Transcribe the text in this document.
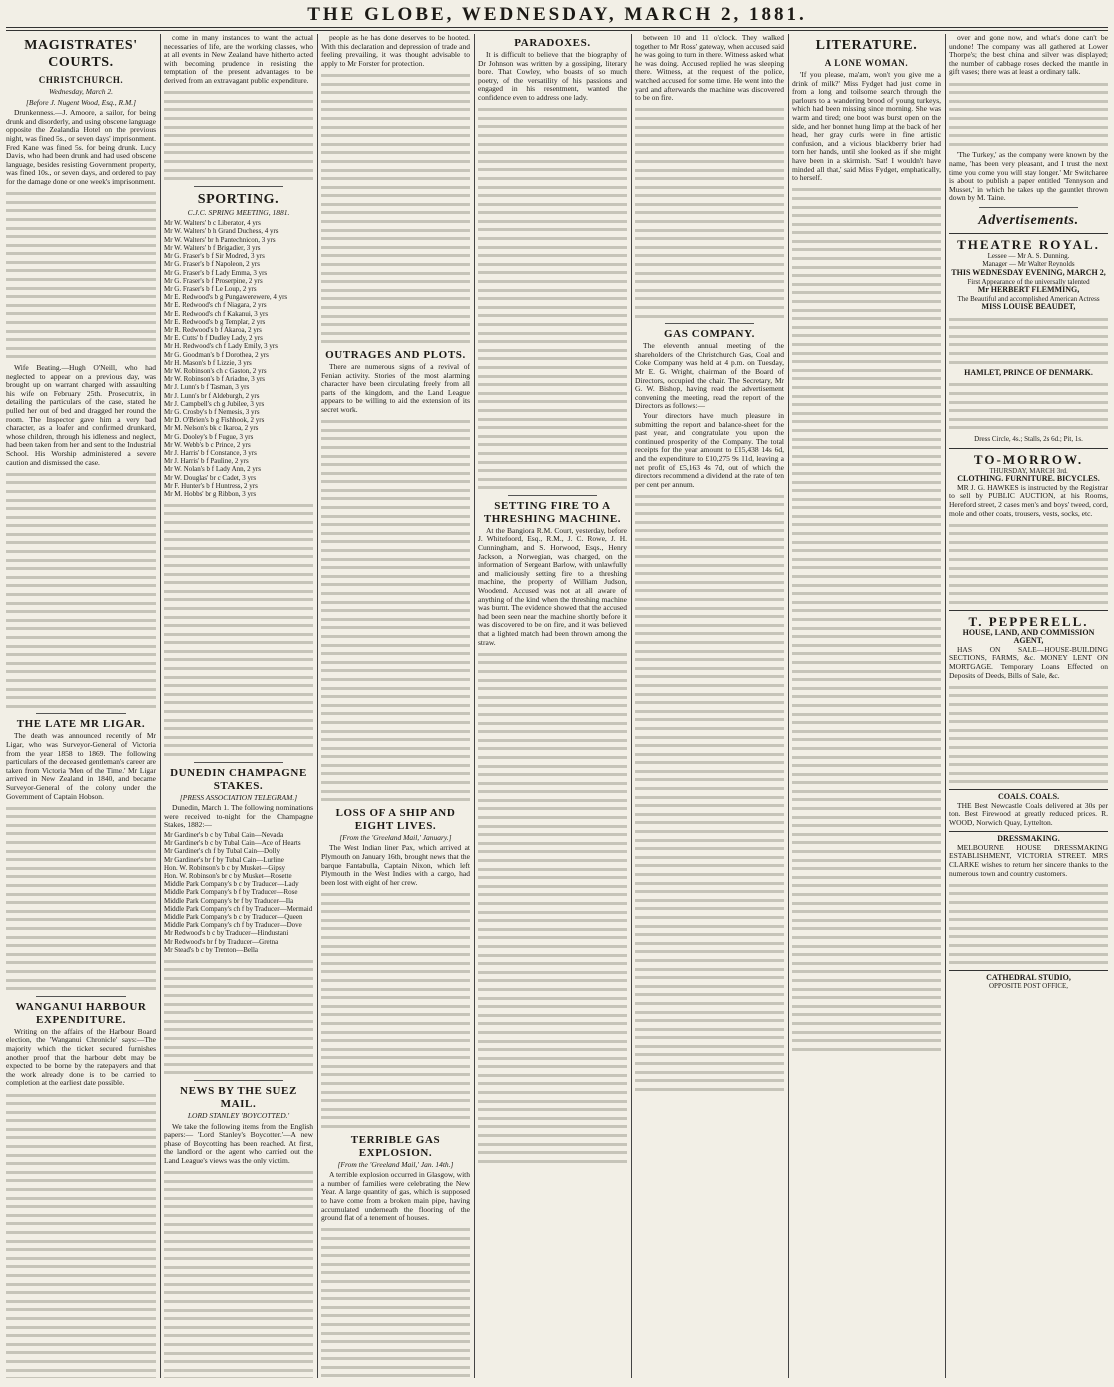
THE GLOBE, WEDNESDAY, MARCH 2, 1881.
MAGISTRATES' COURTS.
CHRISTCHURCH.
Wednesday, March 2.
[Before J. Nugent Wood, Esq., R.M.]

Drunkenness.—J. Amoore, a sailor, for being drunk and disorderly, and using obscene language opposite the Zealandia Hotel on the previous night, was fined 5s., or seven days' imprisonment. Fred Kane was fined 5s. for being drunk. Lucy Davis, who had been drunk and had used obscene language, besides resisting Government property, was fined 10s., or seven days, and ordered to pay for the damage done or one week's imprisonment.

Wife Beating.—Hugh O'Neill, who had neglected to appear on a previous day, was brought up on warrant charged with assaulting his wife on February 25th. Prosecutrix, in detailing the particulars of the case, stated he pulled her out of bed and dragged her round the room. The Inspector gave him a very bad character, as a loafer and confirmed drunkard, whose children, through his idleness and neglect, had been taken from her and sent to the Industrial School. His Worship administered a severe caution and dismissed the case.

THE LATE MR LIGAR.

The death was announced recently of Mr Ligar, who was Surveyor-General of Victoria from the year 1858 to 1869. The following particulars of the deceased gentleman's career are taken from Victoria 'Men of the Time.' Mr Ligar arrived in New Zealand in 1840, and became Surveyor-General of the colony under the Government of Captain Hobson.

WANGANUI HARBOUR EXPENDITURE.

Writing on the affairs of the Harbour Board election, the 'Wanganui Chronicle' says:—The majority which the ticket secured furnishes another proof that the harbour debt may be expected to be borne by the ratepayers and that the work already done is to be carried to completion at the earliest date possible.

come in many instances to want the actual necessaries of life, are the working classes, who at all events in New Zealand have hitherto acted with becoming prudence in resisting the temptation of the present advantages to be derived from an extravagant public expenditure.

SPORTING.
C.J.C. SPRING MEETING, 1881.
Mr W. Walters' b c Liberator, 4 yrs
Mr W. Walters' b h Grand Duchess, 4 yrs
Mr W. Walters' br h Pantechnicon, 3 yrs
Mr W. Walters' b f Brigadier, 3 yrs
Mr G. Fraser's b f Sir Modred, 3 yrs
Mr G. Fraser's b f Napoleon, 2 yrs
Mr G. Fraser's b f Lady Emma, 3 yrs
Mr G. Fraser's b f Proserpine, 2 yrs
Mr G. Fraser's b f Le Loup, 2 yrs
Mr E. Redwood's b g Pungawerewere, 4 yrs
Mr E. Redwood's ch f Niagara, 2 yrs
Mr E. Redwood's ch f Kakanui, 3 yrs
Mr E. Redwood's b g Templar, 2 yrs
Mr R. Redwood's b f Akaroa, 2 yrs
Mr E. Cutts' b f Dudley Lady, 2 yrs
Mr H. Redwood's ch f Lady Emily, 3 yrs
Mr G. Goodman's b f Dorothea, 2 yrs
Mr H. Mason's b f Lizzie, 3 yrs
Mr W. Robinson's ch c Gaston, 2 yrs
Mr W. Robinson's b f Ariadne, 3 yrs
Mr J. Lunn's b f Tasman, 3 yrs
Mr J. Lunn's br f Aldeburgh, 2 yrs
Mr J. Campbell's ch g Jubilee, 3 yrs
Mr G. Crosby's b f Nemesis, 3 yrs
Mr D. O'Brien's b g Fishhook, 2 yrs
Mr M. Nelson's bk c Ikaroa, 2 yrs
Mr G. Dooley's b f Fugue, 3 yrs
Mr W. Webb's b c Prince, 2 yrs
Mr J. Harris' b f Constance, 3 yrs
Mr J. Harris' b f Pauline, 2 yrs
Mr W. Nolan's b f Lady Ann, 2 yrs
Mr W. Douglas' br c Cadet, 3 yrs
Mr F. Hunter's b f Huntress, 2 yrs
Mr M. Hobbs' br g Ribbon, 3 yrs
DUNEDIN CHAMPAGNE STAKES.
[PRESS ASSOCIATION TELEGRAM.]

Dunedin, March 1. The following nominations were received to-night for the Champagne Stakes, 1882:—

Mr Gardiner's b c by Tubal Cain—Nevada
Mr Gardiner's b c by Tubal Cain—Ace of Hearts
Mr Gardiner's ch f by Tubal Cain—Dolly
Mr Gardiner's br f by Tubal Cain—Lurline
Hon. W. Robinson's b c by Musket—Gipsy
Hon. W. Robinson's br c by Musket—Rosette
Middle Park Company's b c by Traducer—Lady
Middle Park Company's b f by Traducer—Rose
Middle Park Company's br f by Traducer—Ila
Middle Park Company's ch f by Traducer—Mermaid
Middle Park Company's b c by Traducer—Queen
Middle Park Company's ch f by Traducer—Dove
Mr Redwood's b c by Traducer—Hindustani
Mr Redwood's br f by Traducer—Gretna
Mr Stead's b c by Trenton—Bella
NEWS BY THE SUEZ MAIL.
LORD STANLEY 'BOYCOTTED.'

We take the following items from the English papers:— 'Lord Stanley's Boycotter.'—A new phase of Boycotting has been reached. At first, the landlord or the agent who carried out the Land League's views was the only victim.

people as he has done deserves to be hooted. With this declaration and depression of trade and feeling prevailing, it was thought advisable to apply to Mr Forster for protection.

OUTRAGES AND PLOTS.

There are numerous signs of a revival of Fenian activity. Stories of the most alarming character have been circulating freely from all parts of the kingdom, and the Land League appears to be willing to aid the extension of its secret work.

LOSS OF A SHIP AND EIGHT LIVES.
[From the 'Greeland Mail,' January.]

The West Indian liner Pax, which arrived at Plymouth on January 16th, brought news that the barque Fantabulla, Captain Nixon, which left Plymouth in the West Indies with a cargo, had been lost with eight of her crew.

TERRIBLE GAS EXPLOSION.
[From the 'Greeland Mail,' Jan. 14th.]

A terrible explosion occurred in Glasgow, with a number of families were celebrating the New Year. A large quantity of gas, which is supposed to have come from a broken main pipe, having accumulated underneath the flooring of the ground flat of a tenement of houses.

PARADOXES.

It is difficult to believe that the biography of Dr Johnson was written by a gossiping, literary bore. That Cowley, who boasts of so much poetry, of the versatility of his passions and engaged in his resentment, wanted the confidence even to address one lady.

SETTING FIRE TO A THRESHING MACHINE.

At the Bangiora R.M. Court, yesterday, before J. Whitefoord, Esq., R.M., J. C. Rowe, J. H. Cunningham, and S. Horwood, Esqs., Henry Jackson, a Norwegian, was charged, on the information of Sergeant Barlow, with unlawfully and maliciously setting fire to a threshing machine, the property of William Judson, Woodend. Accused was not at all aware of anything of the kind when the threshing machine was burnt. The evidence showed that the accused had been seen near the machine shortly before it was discovered to be on fire, and it was believed that a lighted match had been thrown among the straw.

between 10 and 11 o'clock. They walked together to Mr Ross' gateway, when accused said he was going to turn in there. Witness asked what he was doing. Accused replied he was sleeping there. Witness, at the request of the police, watched accused for some time. He went into the yard and afterwards the machine was discovered to be on fire.

GAS COMPANY.

The eleventh annual meeting of the shareholders of the Christchurch Gas, Coal and Coke Company was held at 4 p.m. on Tuesday, Mr E. G. Wright, chairman of the Board of Directors, occupied the chair. The Secretary, Mr G. W. Bishop, having read the advertisement convening the meeting, read the report of the Directors as follows:—

Your directors have much pleasure in submitting the report and balance-sheet for the past year, and congratulate you upon the continued prosperity of the Company. The total receipts for the year amount to £15,438 14s 6d, and the expenditure to £10,275 9s 11d, leaving a net profit of £5,163 4s 7d, out of which the directors recommend a dividend at the rate of ten per cent per annum.

LITERATURE.
A LONE WOMAN.

'If you please, ma'am, won't you give me a drink of milk?' Miss Fydget had just come in from a long and toilsome search through the parlours to a wandering brood of young turkeys, which had been missing since morning. She was warm and tired; one boot was burst open on the side, and her bonnet hung limp at the back of her head, her gray curls were in fine artistic confusion, and a vicious blackberry brier had torn her hands, until she looked as if she might have been in a skirmish. 'Sat! I wouldn't have minded all that,' said Miss Fydget, emphatically, to herself.

over and gone now, and what's done can't be undone! The company was all gathered at Lower Thorpe's; the best china and silver was displayed; the number of cabbage roses decked the mantle in gift vases; there was at least a ordinary talk.

'The Turkey,' as the company were known by the name, 'has been very pleasant, and I trust the next time you come you will stay longer.' Mr Switcharee is about to publish a paper entitled 'Tennyson and Musset,' in which he takes up the gauntlet thrown down by M. Taine.

Advertisements.
THEATRE ROYAL.
Lessee — Mr A. S. Dunning.
Manager — Mr Walter Reynolds
THIS WEDNESDAY EVENING, MARCH 2,
First Appearance of the universally talented
Mr HERBERT FLEMMING,
The Beautiful and accomplished American Actress
MISS LOUISE BEAUDET,
HAMLET, PRINCE OF DENMARK.
Dress Circle, 4s.; Stalls, 2s 6d.; Pit, 1s.
TO-MORROW.
THURSDAY, MARCH 3rd.
CLOTHING. FURNITURE. BICYCLES.

MR J. G. HAWKES is instructed by the Registrar to sell by PUBLIC AUCTION, at his Rooms, Hereford street, 2 cases men's and boys' tweed, cord, mole and other coats, trousers, vests, socks, etc.

T. PEPPERELL.
HOUSE, LAND, AND COMMISSION AGENT,

HAS ON SALE—HOUSE-BUILDING SECTIONS, FARMS, &c. MONEY LENT ON MORTGAGE. Temporary Loans Effected on Deposits of Deeds, Bills of Sale, &c.

COALS. COALS.

THE Best Newcastle Coals delivered at 30s per ton. Best Firewood at greatly reduced prices. R. WOOD, Norwich Quay, Lyttelton.

DRESSMAKING.

MELBOURNE HOUSE DRESSMAKING ESTABLISHMENT, VICTORIA STREET. MRS CLARKE wishes to return her sincere thanks to the numerous town and country customers.

CATHEDRAL STUDIO,
OPPOSITE POST OFFICE,
